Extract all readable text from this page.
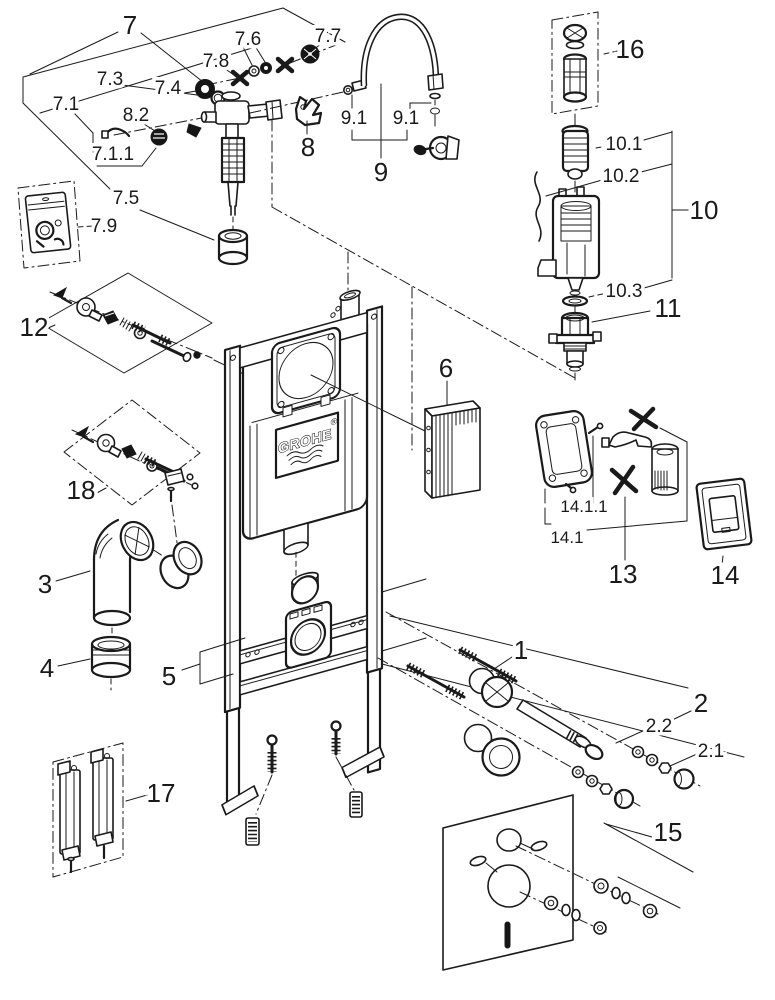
GROHE
®
7	7.6	7.7
7.8
7.3 7.4
7.1
8.2
7.1.1
7.5
7.9
8
9.1 9.1
9
16
10.1
10.2
10
10.3
11
12
18
6
14.1.1
14.1
13	14
3
4	5
1
2
2.2
2.1
17
15
